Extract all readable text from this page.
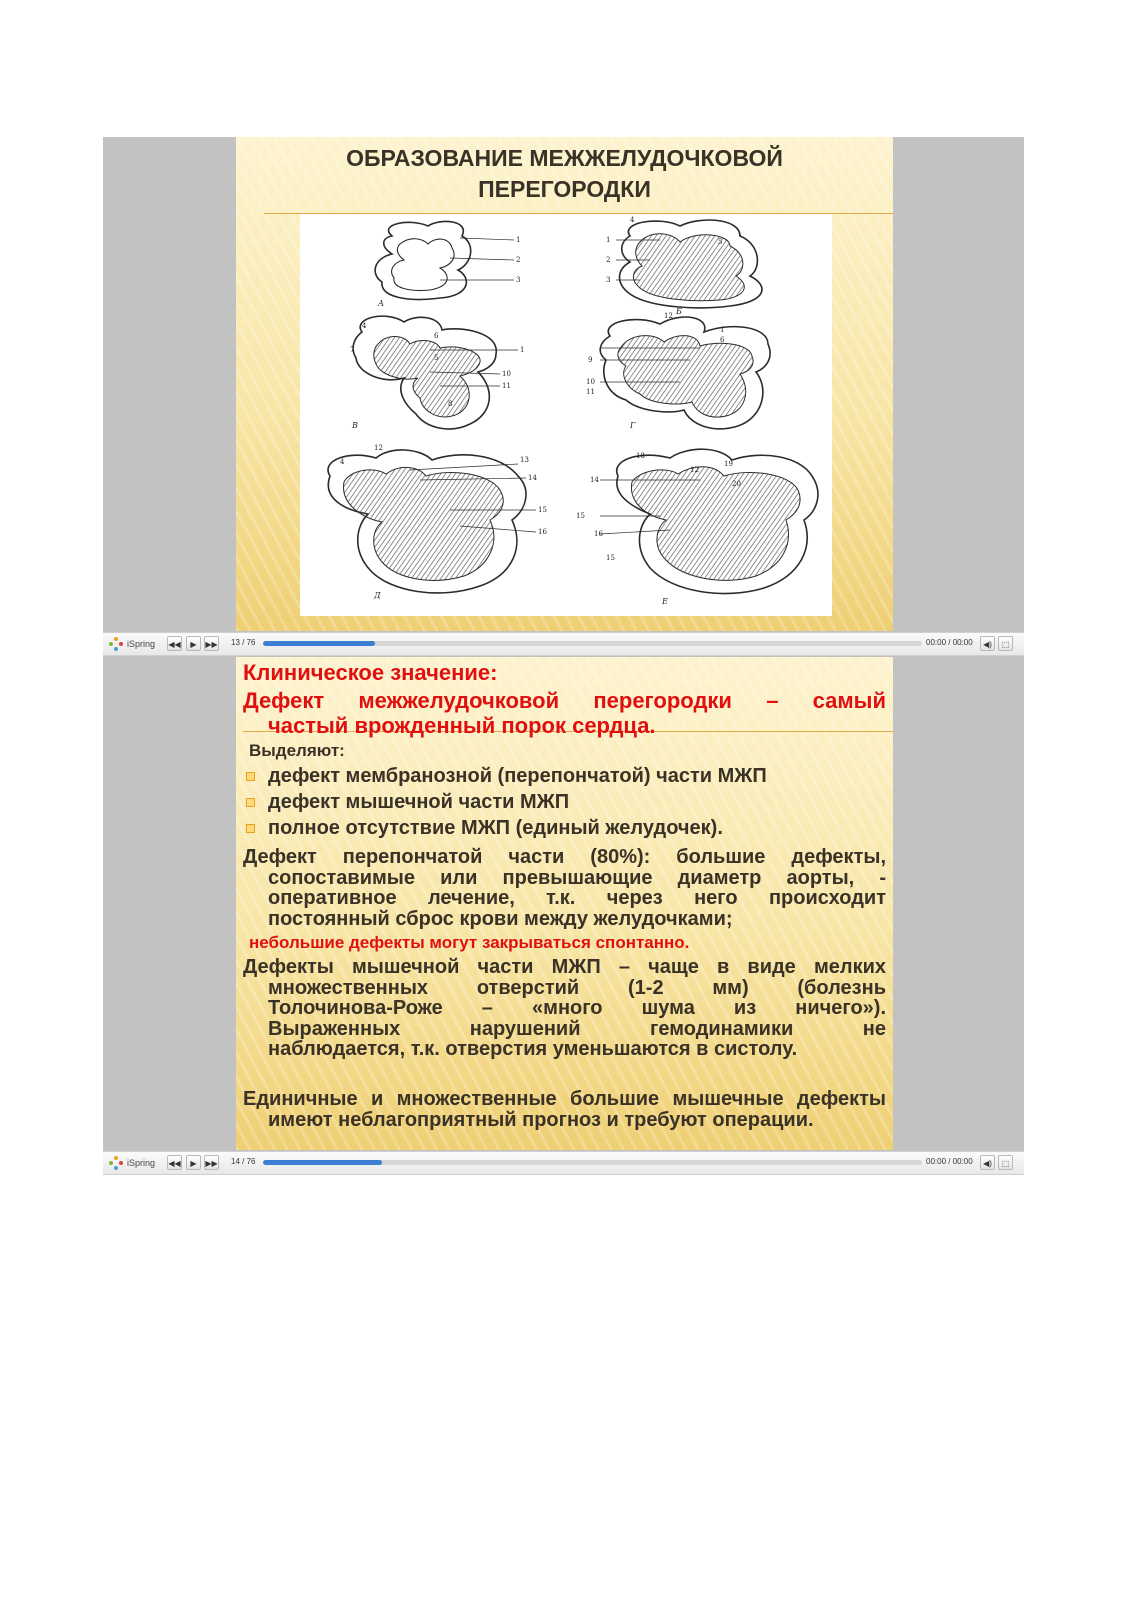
ОБРАЗОВАНИЕ МЕЖЖЕЛУДОЧКОВОЙ
ПЕРЕГОРОДКИ
А
Б
В	Г
Д
Е
1
2
3
4
5
1
2
3
4
6
7
5
1
10
11
8
12
1
6
9
10
11
12
4	13
14
15
16
18
19
20
12
14
15
16
15
iSpring ◀◀	▶	▶▶ 13 / 76	00:00 / 00:00	◀)	⬚
Клиническое значение:
Дефект межжелудочковой перегородки – самый
частый врожденный порок сердца.
Выделяют:
дефект мембранозной (перепончатой) части МЖП
дефект мышечной части МЖП
полное отсутствие МЖП (единый желудочек).
Дефект перепончатой части (80%): большие дефекты,
сопоставимые или превышающие диаметр аорты, -
оперативное лечение, т.к. через него происходит
постоянный сброс крови между желудочками;
небольшие дефекты могут закрываться спонтанно.
Дефекты мышечной части МЖП – чаще в виде мелких
множественных отверстий (1-2 мм) (болезнь
Толочинова-Роже – «много шума из ничего»).
Выраженных нарушений гемодинамики не
наблюдается, т.к. отверстия уменьшаются в систолу.
Единичные и множественные большие мышечные дефекты
имеют неблагоприятный прогноз и требуют операции.
iSpring ◀◀	▶	▶▶ 14 / 76	00:00 / 00:00	◀)	⬚
